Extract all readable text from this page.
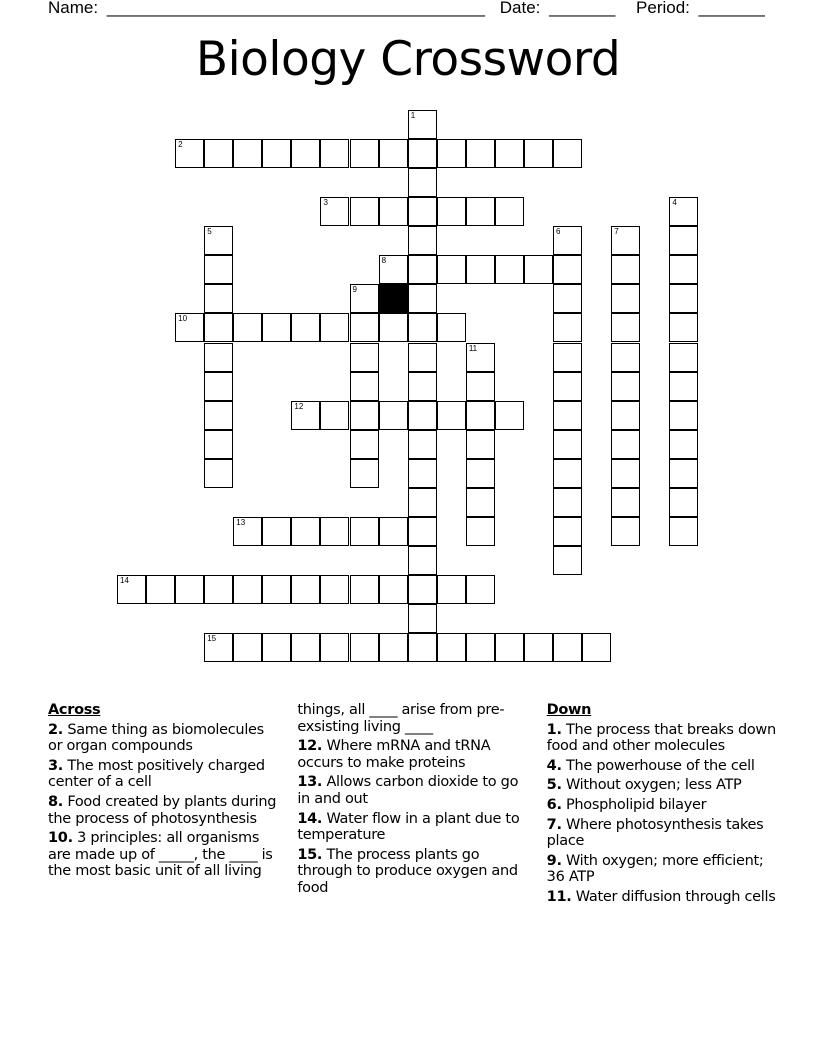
Name: ________________________________________ Date: _______ Period: _______
Biology Crossword
1
2
3	4
5	6	7
8
9
10
11
12
13
14
15
Across
2. Same thing as biomolecules or organ compounds
3. The most positively charged center of a cell
8. Food created by plants during the process of photosynthesis
10. 3 principles: all organisms are made up of _____, the ____ is the most basic unit of all living things, all ____ arise from pre-exsisting living ____
12. Where mRNA and tRNA occurs to make proteins
13. Allows carbon dioxide to go in and out
14. Water flow in a plant due to temperature
15. The process plants go through to produce oxygen and food
Down
1. The process that breaks down food and other molecules
4. The powerhouse of the cell
5. Without oxygen; less ATP
6. Phospholipid bilayer
7. Where photosynthesis takes place
9. With oxygen; more efficient; 36 ATP
11. Water diffusion through cells
